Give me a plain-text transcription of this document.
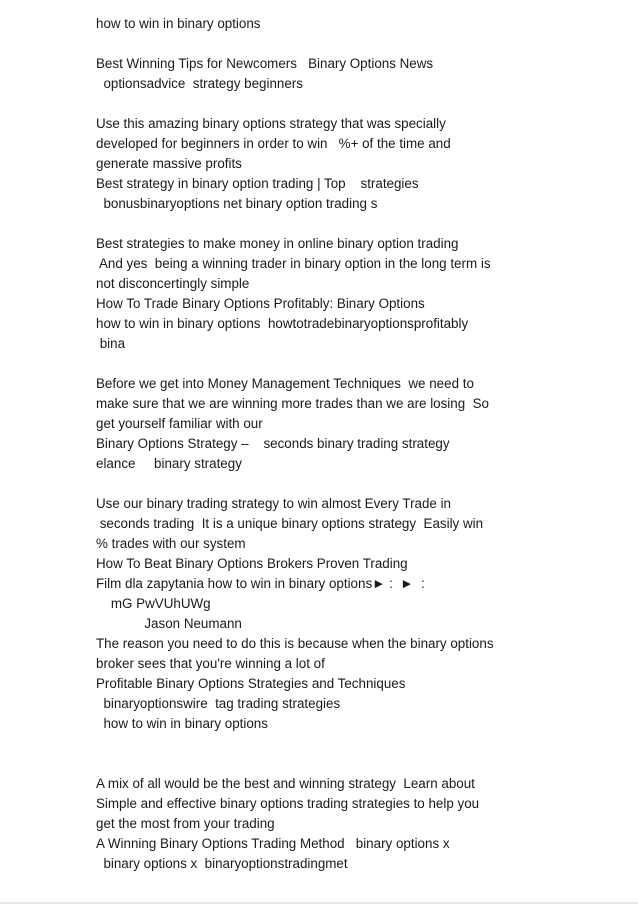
how to win in binary options
Best Winning Tips for Newcomers   Binary Options News
optionsadvice  strategy beginners
Use this amazing binary options strategy that was specially
developed for beginners in order to win   %+ of the time and
generate massive profits
Best strategy in binary option trading | Top    strategies
bonusbinaryoptions net binary option trading s
Best strategies to make money in online binary option trading
And yes  being a winning trader in binary option in the long term is
not disconcertingly simple
How To Trade Binary Options Profitably: Binary Options
how to win in binary options  howtotradebinaryoptionsprofitably
bina
Before we get into Money Management Techniques  we need to
make sure that we are winning more trades than we are losing  So
get yourself familiar with our
Binary Options Strategy –    seconds binary trading strategy
elance     binary strategy
Use our binary trading strategy to win almost Every Trade in
seconds trading  It is a unique binary options strategy  Easily win
% trades with our system
How To Beat Binary Options Brokers Proven Trading
Film dla zapytania how to win in binary options► :  ►  :
mG PwVUhUWg
Jason Neumann
The reason you need to do this is because when the binary options
broker sees that you're winning a lot of
Profitable Binary Options Strategies and Techniques
binaryoptionswire  tag trading strategies
how to win in binary options
A mix of all would be the best and winning strategy  Learn about
Simple and effective binary options trading strategies to help you
get the most from your trading
A Winning Binary Options Trading Method   binary options x
binary options x  binaryoptionstradingmet
